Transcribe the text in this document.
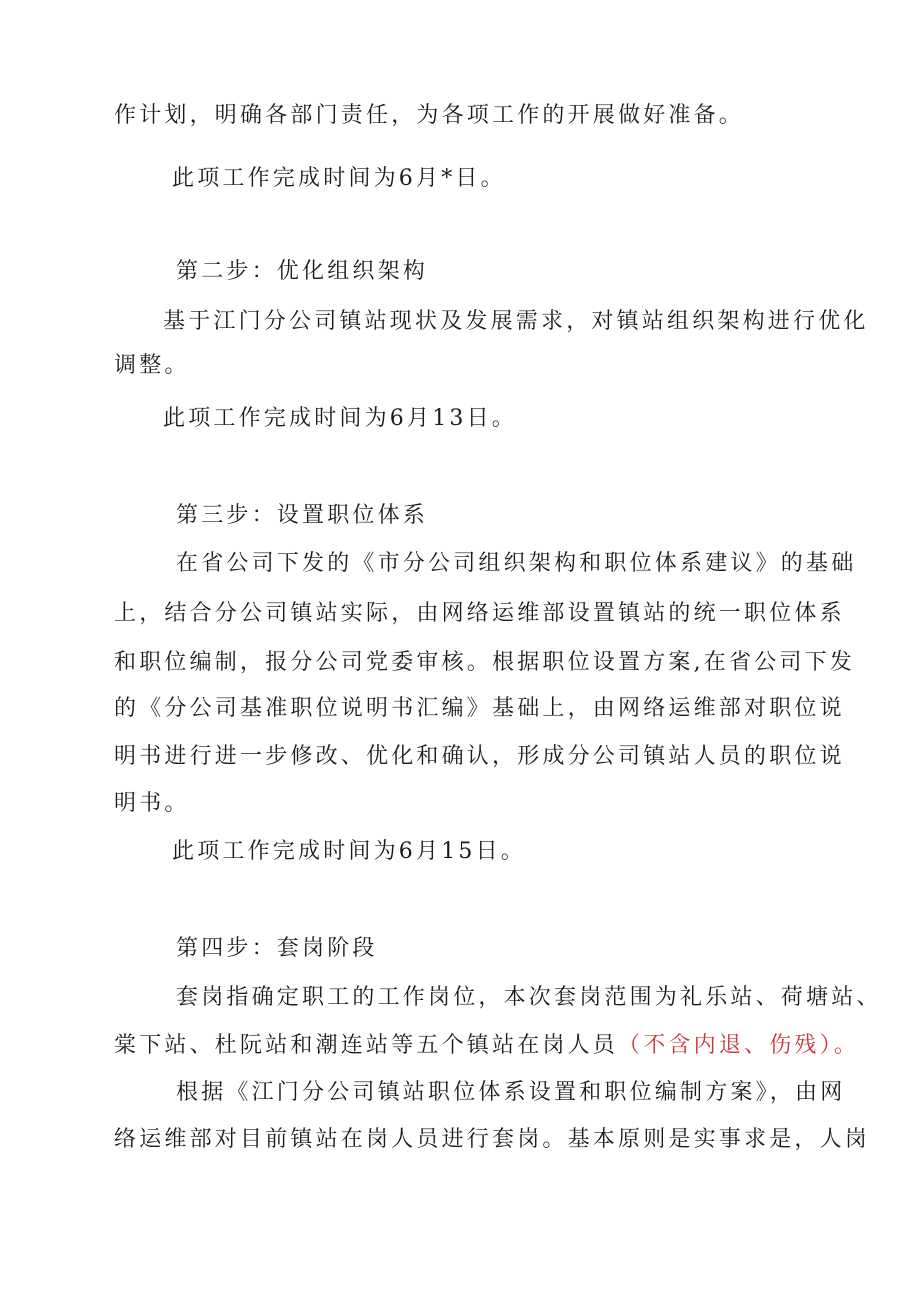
作计划，明确各部门责任，为各项工作的开展做好准备。
此项工作完成时间为6月*日。
第二步：优化组织架构
基于江门分公司镇站现状及发展需求，对镇站组织架构进行优化
调整。
此项工作完成时间为6月13日。
第三步：设置职位体系
在省公司下发的《市分公司组织架构和职位体系建议》的基础
上，结合分公司镇站实际，由网络运维部设置镇站的统一职位体系
和职位编制，报分公司党委审核。根据职位设置方案,在省公司下发
的《分公司基准职位说明书汇编》基础上，由网络运维部对职位说
明书进行进一步修改、优化和确认，形成分公司镇站人员的职位说
明书。
此项工作完成时间为6月15日。
第四步：套岗阶段
套岗指确定职工的工作岗位，本次套岗范围为礼乐站、荷塘站、
棠下站、杜阮站和潮连站等五个镇站在岗人员（不含内退、伤残）。
根据《江门分公司镇站职位体系设置和职位编制方案》，由网
络运维部对目前镇站在岗人员进行套岗。基本原则是实事求是，人岗
